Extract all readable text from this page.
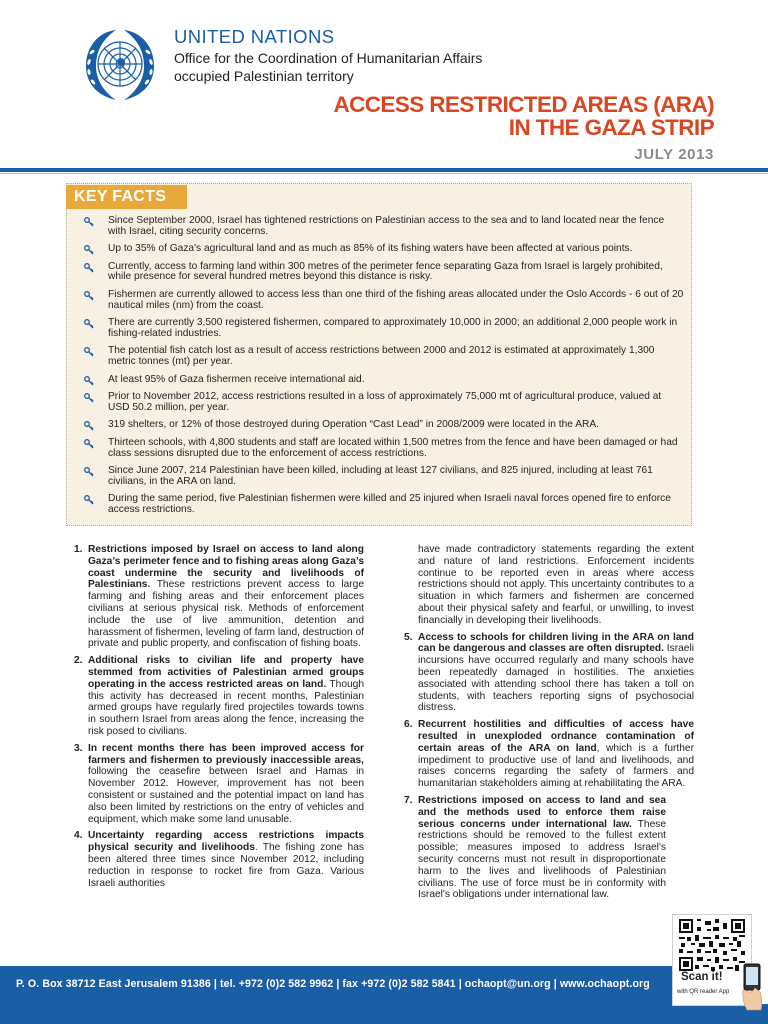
UNITED NATIONS
Office for the Coordination of Humanitarian Affairs
occupied Palestinian territory
ACCESS RESTRICTED AREAS (ARA)
IN THE GAZA STRIP
JULY 2013
KEY FACTS
Since September 2000, Israel has tightened restrictions on Palestinian access to the sea and to land located near the fence with Israel, citing security concerns.
Up to 35% of Gaza's agricultural land and as much as 85% of its fishing waters have been affected at various points.
Currently, access to farming land within 300 metres of the perimeter fence separating Gaza from Israel is largely prohibited, while presence for several hundred metres beyond this distance is risky.
Fishermen are currently allowed to access less than one third of the fishing areas allocated under the Oslo Accords - 6 out of 20 nautical miles (nm) from the coast.
There are currently 3,500 registered fishermen, compared to approximately 10,000 in 2000; an additional 2,000 people work in fishing-related industries.
The potential fish catch lost as a result of access restrictions between 2000 and 2012 is estimated at approximately 1,300 metric tonnes (mt) per year.
At least 95% of Gaza fishermen receive international aid.
Prior to November 2012, access restrictions resulted in a loss of approximately 75,000 mt of agricultural produce, valued at USD 50.2 million, per year.
319 shelters, or 12% of those destroyed during Operation “Cast Lead” in 2008/2009 were located in the ARA.
Thirteen schools, with 4,800 students and staff are located within 1,500 metres from the fence and have been damaged or had class sessions disrupted due to the enforcement of access restrictions.
Since June 2007, 214 Palestinian have been killed, including at least 127 civilians, and 825 injured, including at least 761 civilians, in the ARA on land.
During the same period, five Palestinian fishermen were killed and 25 injured when Israeli naval forces opened fire to enforce access restrictions.

1. Restrictions imposed by Israel on access to land along Gaza’s perimeter fence and to fishing areas along Gaza’s coast undermine the security and livelihoods of Palestinians. These restrictions prevent access to large farming and fishing areas and their enforcement places civilians at serious physical risk. Methods of enforcement include the use of live ammunition, detention and harassment of fishermen, leveling of farm land, destruction of private and public property, and confiscation of fishing boats.

2. Additional risks to civilian life and property have stemmed from activities of Palestinian armed groups operating in the access restricted areas on land. Though this activity has decreased in recent months, Palestinian armed groups have regularly fired projectiles towards towns in southern Israel from areas along the fence, increasing the risk posed to civilians.

3. In recent months there has been improved access for farmers and fishermen to previously inaccessible areas, following the ceasefire between Israel and Hamas in November 2012. However, improvement has not been consistent or sustained and the potential impact on land has also been limited by restrictions on the entry of vehicles and equipment, which make some land unusable.

4. Uncertainty regarding access restrictions impacts physical security and livelihoods. The fishing zone has been altered three times since November 2012, including reduction in response to rocket fire from Gaza. Various Israeli authorities

have made contradictory statements regarding the extent and nature of land restrictions. Enforcement incidents continue to be reported even in areas where access restrictions should not apply. This uncertainty contributes to a situation in which farmers and fishermen are concerned about their physical safety and fearful, or unwilling, to invest financially in developing their livelihoods.

5. Access to schools for children living in the ARA on land can be dangerous and classes are often disrupted. Israeli incursions have occurred regularly and many schools have been repeatedly damaged in hostilities. The anxieties associated with attending school there has taken a toll on students, with teachers reporting signs of psychosocial distress.

6. Recurrent hostilities and difficulties of access have resulted in unexploded ordnance contamination of certain areas of the ARA on land, which is a further impediment to productive use of land and livelihoods, and raises concerns regarding the safety of farmers and humanitarian stakeholders aiming at rehabilitating the ARA.

7. Restrictions imposed on access to land and sea and the methods used to enforce them raise serious concerns under international law. These restrictions should be removed to the fullest extent possible; measures imposed to address Israel's security concerns must not result in disproportionate harm to the lives and livelihoods of Palestinian civilians. The use of force must be in conformity with Israel's obligations under international law.

P. O. Box 38712 East Jerusalem 91386 | tel. +972 (0)2 582 9962 | fax +972 (0)2 582 5841 | ochaopt@un.org | www.ochaopt.org
Scan it!
with QR reader App
